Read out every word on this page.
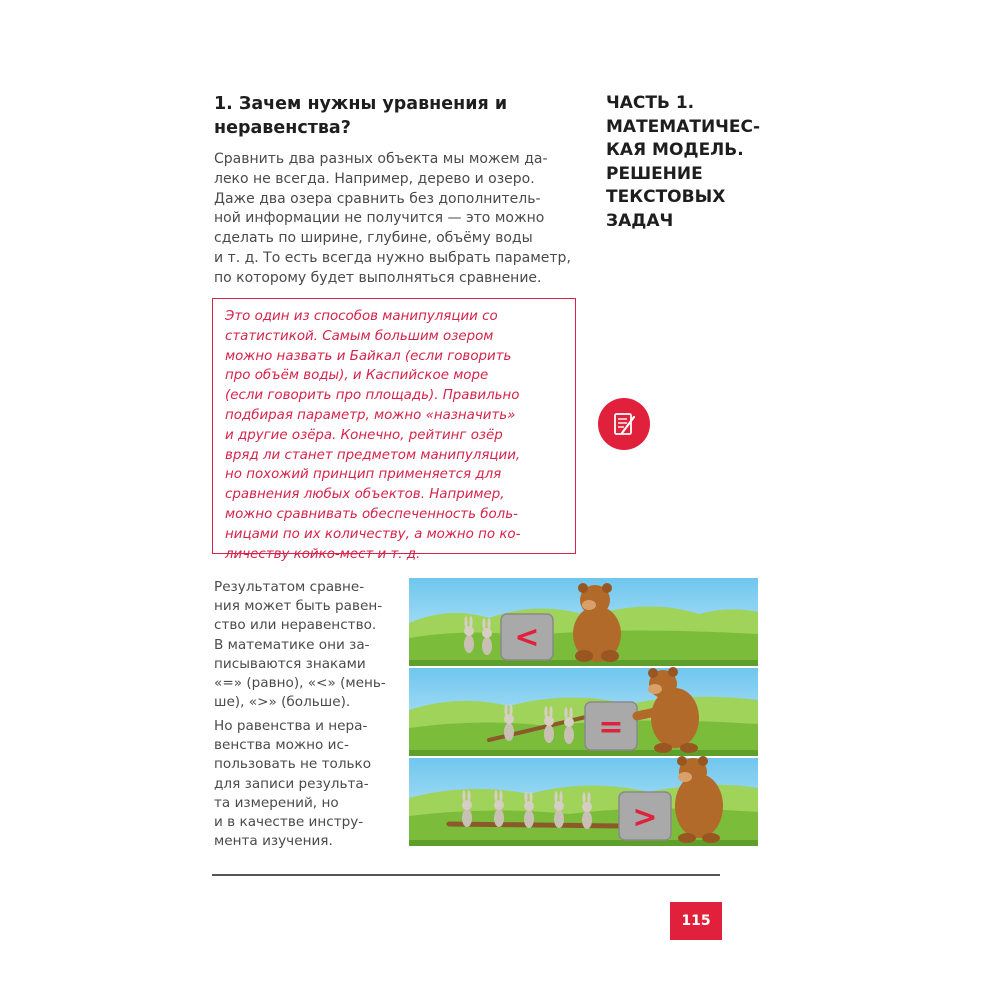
1. Зачем нужны уравнения и неравенства?
ЧАСТЬ 1.
МАТЕМАТИЧЕС-
КАЯ МОДЕЛЬ.
РЕШЕНИЕ
ТЕКСТОВЫХ
ЗАДАЧ

Сравнить два разных объекта мы можем да-
леко не всегда. Например, дерево и озеро.
Даже два озера сравнить без дополнитель-
ной информации не получится — это можно
сделать по ширине, глубине, объёму воды
и т. д. То есть всегда нужно выбрать параметр,
по которому будет выполняться сравнение.

Это один из способов манипуляции со
статистикой. Самым большим озером
можно назвать и Байкал (если говорить
про объём воды), и Каспийское море
(если говорить про площадь). Правильно
подбирая параметр, можно «назначить»
и другие озёра. Конечно, рейтинг озёр
вряд ли станет предметом манипуляции,
но похожий принцип применяется для
сравнения любых объектов. Например,
можно сравнивать обеспеченность боль-
ницами по их количеству, а можно по ко-
личеству койко-мест и т. д.

Результатом сравне-
ния может быть равен-
ство или неравенство.
В математике они за-
писываются знаками
«=» (равно), «<» (мень-
ше), «>» (больше).

Но равенства и нера-
венства можно ис-
пользовать не только
для записи результа-
та измерений, но
и в качестве инстру-
мента изучения.

<
=
>
115
